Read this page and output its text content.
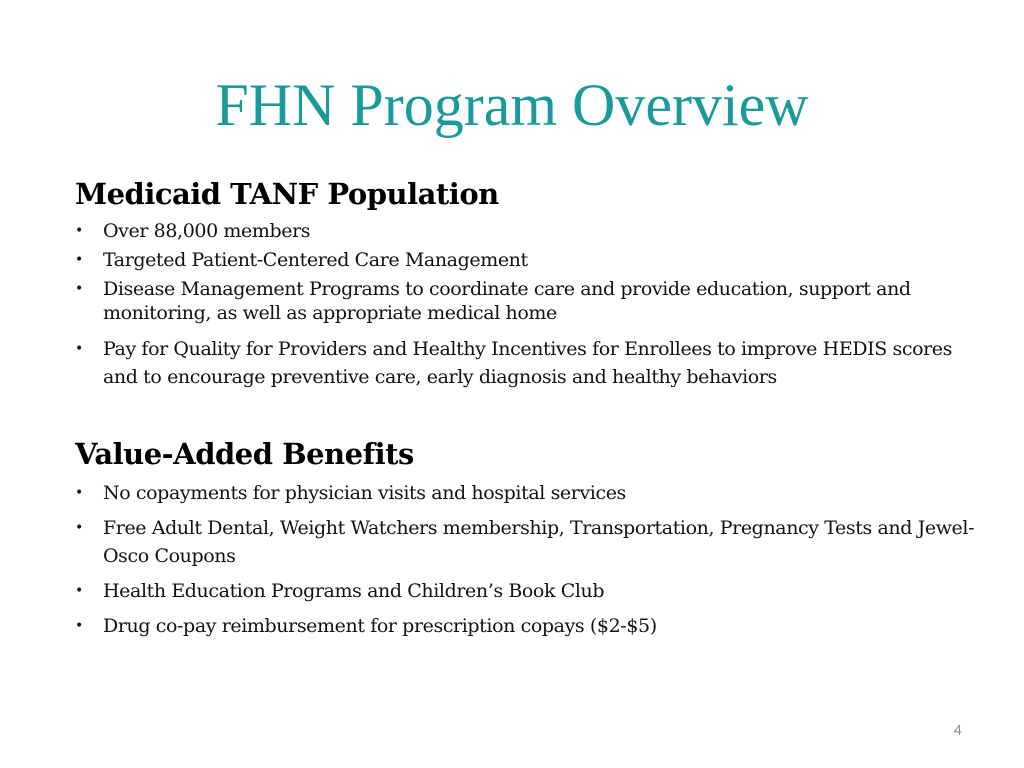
FHN Program Overview
Medicaid TANF Population
• Over 88,000 members
• Targeted Patient-Centered Care Management
• Disease Management Programs to coordinate care and provide education, support and monitoring, as well as appropriate medical home
• Pay for Quality for Providers and Healthy Incentives for Enrollees to improve HEDIS scores and to encourage preventive care, early diagnosis and healthy behaviors
Value-Added Benefits
• No copayments for physician visits and hospital services
• Free Adult Dental, Weight Watchers membership, Transportation, Pregnancy Tests and Jewel-Osco Coupons
• Health Education Programs and Children’s Book Club
• Drug co-pay reimbursement for prescription copays ($2-$5)
4
